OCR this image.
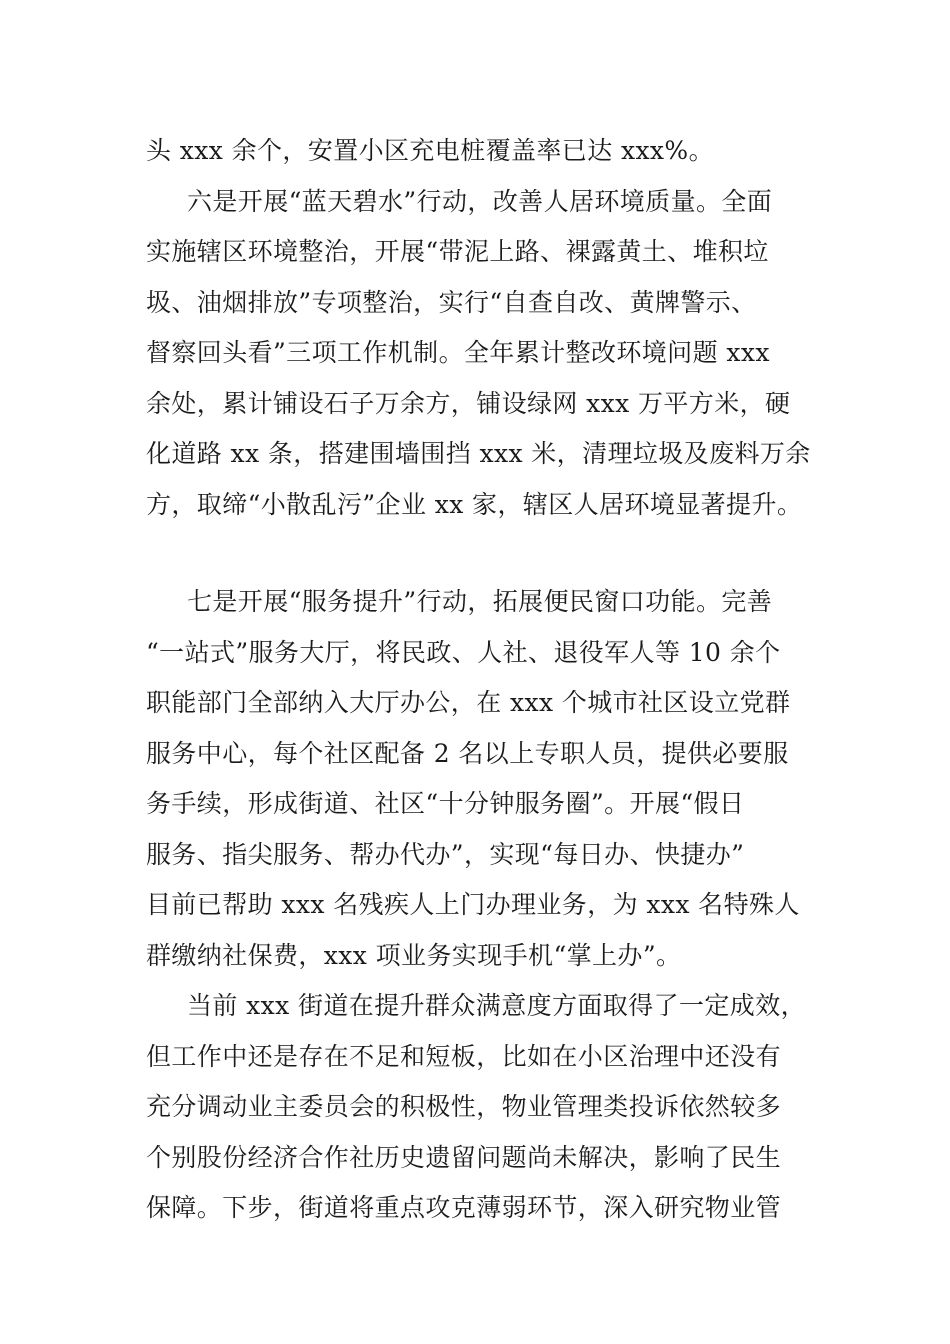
头 xxx 余个，安置小区充电桩覆盖率已达 xxx%。
六是开展“蓝天碧水”行动，改善人居环境质量。全面
实施辖区环境整治，开展“带泥上路、裸露黄土、堆积垃
圾、油烟排放”专项整治，实行“自查自改、黄牌警示、
督察回头看”三项工作机制。全年累计整改环境问题 xxx
余处，累计铺设石子万余方，铺设绿网 xxx 万平方米，硬
化道路 xx 条，搭建围墙围挡 xxx 米，清理垃圾及废料万余
方，取缔“小散乱污”企业 xx 家，辖区人居环境显著提升。
七是开展“服务提升”行动，拓展便民窗口功能。完善
“一站式”服务大厅，将民政、人社、退役军人等 10 余个
职能部门全部纳入大厅办公，在 xxx 个城市社区设立党群
服务中心，每个社区配备 2 名以上专职人员，提供必要服
务手续，形成街道、社区“十分钟服务圈”。开展“假日
服务、指尖服务、帮办代办”，实现“每日办、快捷办”
目前已帮助 xxx 名残疾人上门办理业务，为 xxx 名特殊人
群缴纳社保费，xxx 项业务实现手机“掌上办”。
当前 xxx 街道在提升群众满意度方面取得了一定成效，
但工作中还是存在不足和短板，比如在小区治理中还没有
充分调动业主委员会的积极性，物业管理类投诉依然较多
个别股份经济合作社历史遗留问题尚未解决，影响了民生
保障。下步，街道将重点攻克薄弱环节，深入研究物业管
